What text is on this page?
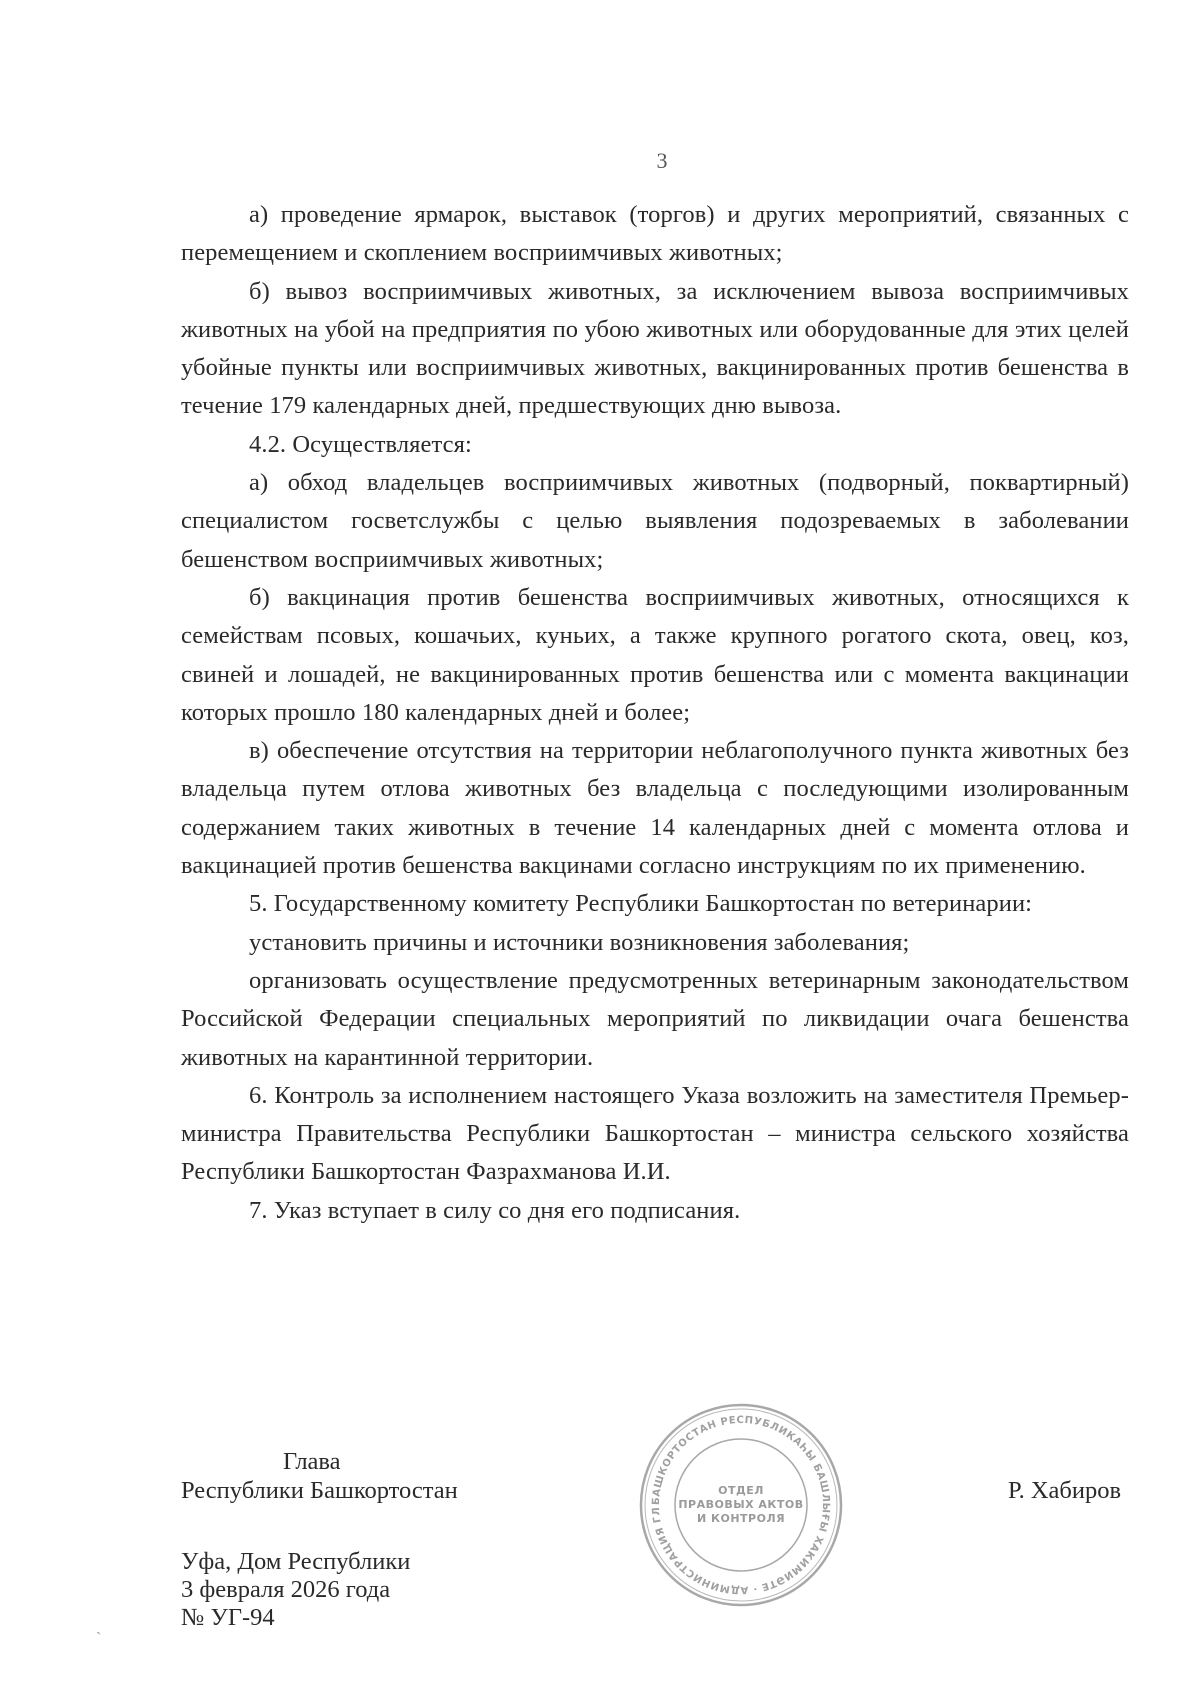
3

а) проведение ярмарок, выставок (торгов) и других мероприятий, связанных с перемещением и скоплением восприимчивых животных;

б) вывоз восприимчивых животных, за исключением вывоза восприимчивых животных на убой на предприятия по убою животных или оборудованные для этих целей убойные пункты или восприимчивых животных, вакцинированных против бешенства в течение 179 календарных дней, предшествующих дню вывоза.

4.2. Осуществляется:

а) обход владельцев восприимчивых животных (подворный, поквартирный) специалистом госветслужбы с целью выявления подозреваемых в заболевании бешенством восприимчивых животных;

б) вакцинация против бешенства восприимчивых животных, относящихся к семействам псовых, кошачьих, куньих, а также крупного рогатого скота, овец, коз, свиней и лошадей, не вакцинированных против бешенства или с момента вакцинации которых прошло 180 календарных дней и более;

в) обеспечение отсутствия на территории неблагополучного пункта животных без владельца путем отлова животных без владельца с последующими изолированным содержанием таких животных в течение 14 календарных дней с момента отлова и вакцинацией против бешенства вакцинами согласно инструкциям по их применению.

5. Государственному комитету Республики Башкортостан по ветеринарии:

установить причины и источники возникновения заболевания;

организовать осуществление предусмотренных ветеринарным законодательством Российской Федерации специальных мероприятий по ликвидации очага бешенства животных на карантинной территории.

6. Контроль за исполнением настоящего Указа возложить на заместителя Премьер-министра Правительства Республики Башкортостан – министра сельского хозяйства Республики Башкортостан Фазрахманова И.И.

7. Указ вступает в силу со дня его подписания.

Глава
Республики Башкортостан	Р. Хабиров
Уфа, Дом Республики
3 февраля 2026 года
№ УГ-94
БАШКОРТОСТАН РЕСПУБЛИКАҺЫ БАШЛЫҒЫ ХАКИМИӘТЕ · АДМИНИСТРАЦИЯ ГЛ
ОТДЕЛ
ПРАВОВЫХ АКТОВ
И КОНТРОЛЯ
ˏ
